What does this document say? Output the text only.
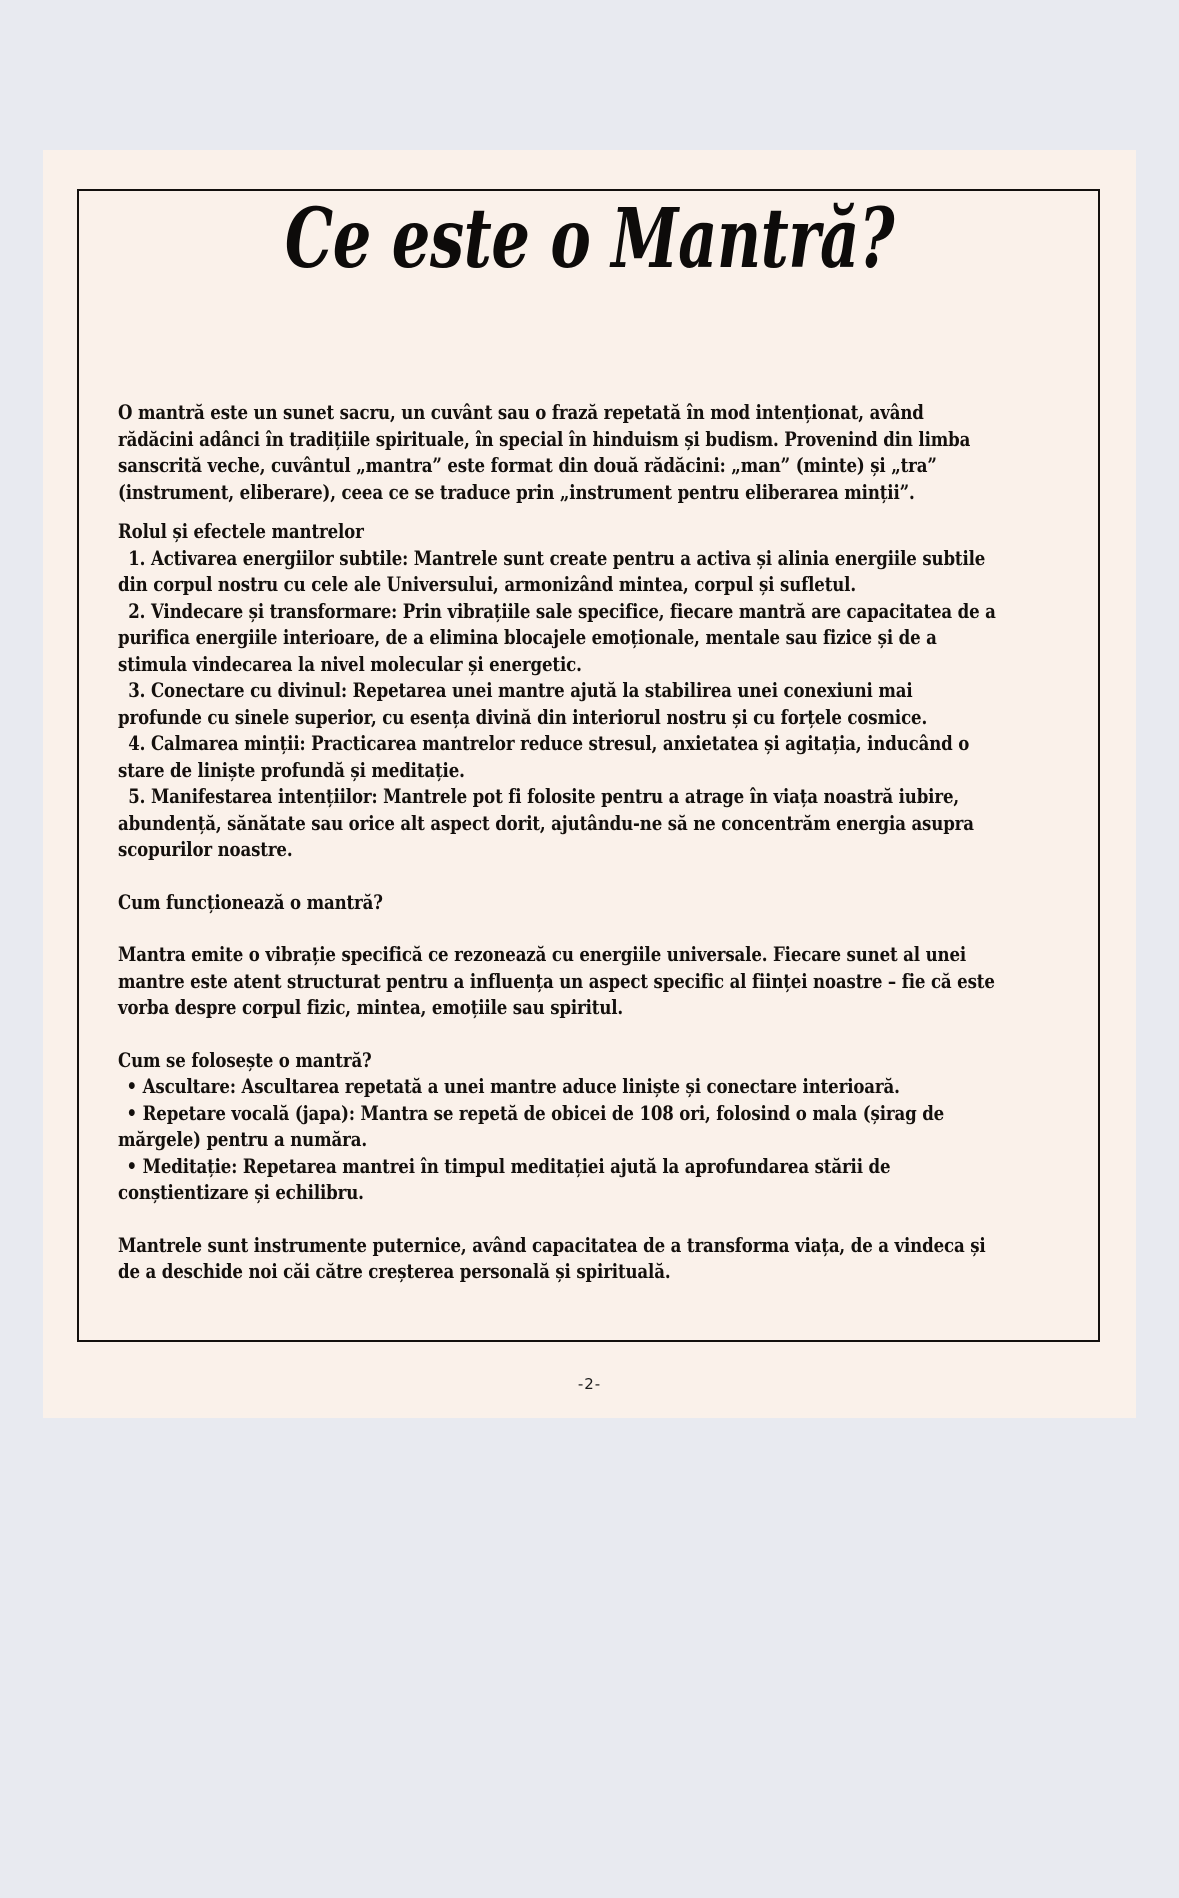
Ce este o Mantră?

O mantră este un sunet sacru, un cuvânt sau o frază repetată în mod intenționat, având rădăcini adânci în tradițiile spirituale, în special în hinduism și budism. Provenind din limba sanscrită veche, cuvântul „mantra” este format din două rădăcini: „man” (minte) și „tra” (instrument, eliberare), ceea ce se traduce prin „instrument pentru eliberarea minții”.

Rolul și efectele mantrelor

1. Activarea energiilor subtile: Mantrele sunt create pentru a activa și alinia energiile subtile din corpul nostru cu cele ale Universului, armonizând mintea, corpul și sufletul.

2. Vindecare și transformare: Prin vibrațiile sale specifice, fiecare mantră are capacitatea de a purifica energiile interioare, de a elimina blocajele emoționale, mentale sau fizice și de a stimula vindecarea la nivel molecular și energetic.

3. Conectare cu divinul: Repetarea unei mantre ajută la stabilirea unei conexiuni mai profunde cu sinele superior, cu esența divină din interiorul nostru și cu forțele cosmice.

4. Calmarea minții: Practicarea mantrelor reduce stresul, anxietatea și agitația, inducând o stare de liniște profundă și meditație.

5. Manifestarea intențiilor: Mantrele pot fi folosite pentru a atrage în viața noastră iubire, abundență, sănătate sau orice alt aspect dorit, ajutându-ne să ne concentrăm energia asupra scopurilor noastre.

Cum funcționează o mantră?

Mantra emite o vibrație specifică ce rezonează cu energiile universale. Fiecare sunet al unei mantre este atent structurat pentru a influența un aspect specific al ființei noastre – fie că este vorba despre corpul fizic, mintea, emoțiile sau spiritul.

Cum se folosește o mantră?

• Ascultare: Ascultarea repetată a unei mantre aduce liniște și conectare interioară.

• Repetare vocală (japa): Mantra se repetă de obicei de 108 ori, folosind o mala (șirag de mărgele) pentru a număra.

• Meditație: Repetarea mantrei în timpul meditației ajută la aprofundarea stării de conștientizare și echilibru.

Mantrele sunt instrumente puternice, având capacitatea de a transforma viața, de a vindeca și de a deschide noi căi către creșterea personală și spirituală.

-2-
